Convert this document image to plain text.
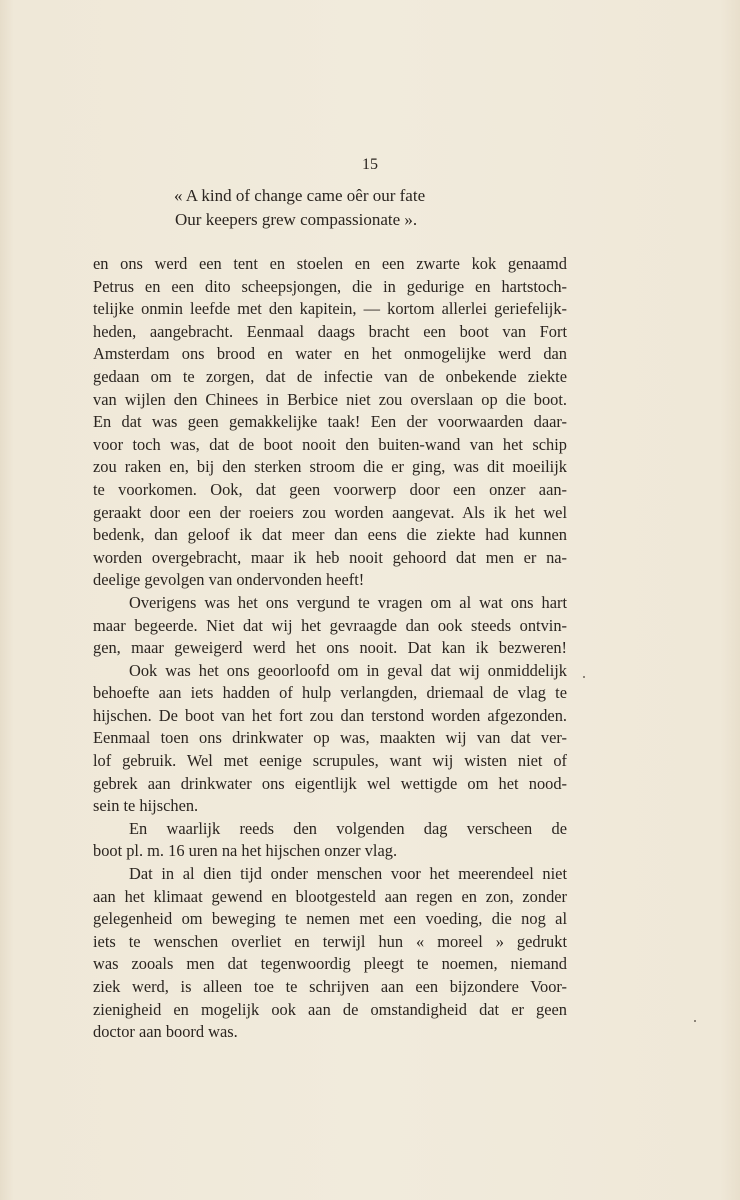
15
« A kind of change came oêr our fate
Our keepers grew compassionate ».
en ons werd een tent en stoelen en een zwarte kok genaamd
Petrus en een dito scheepsjongen, die in gedurige en hartstoch-
telijke onmin leefde met den kapitein, — kortom allerlei geriefelijk-
heden, aangebracht. Eenmaal daags bracht een boot van Fort
Amsterdam ons brood en water en het onmogelijke werd dan
gedaan om te zorgen, dat de infectie van de onbekende ziekte
van wijlen den Chinees in Berbice niet zou overslaan op die boot.
En dat was geen gemakkelijke taak! Een der voorwaarden daar-
voor toch was, dat de boot nooit den buiten-wand van het schip
zou raken en, bij den sterken stroom die er ging, was dit moeilijk
te voorkomen. Ook, dat geen voorwerp door een onzer aan-
geraakt door een der roeiers zou worden aangevat. Als ik het wel
bedenk, dan geloof ik dat meer dan eens die ziekte had kunnen
worden overgebracht, maar ik heb nooit gehoord dat men er na-
deelige gevolgen van ondervonden heeft!
Overigens was het ons vergund te vragen om al wat ons hart
maar begeerde. Niet dat wij het gevraagde dan ook steeds ontvin-
gen, maar geweigerd werd het ons nooit. Dat kan ik bezweren!
Ook was het ons geoorloofd om in geval dat wij onmiddelijk
behoefte aan iets hadden of hulp verlangden, driemaal de vlag te
hijschen. De boot van het fort zou dan terstond worden afgezonden.
Eenmaal toen ons drinkwater op was, maakten wij van dat ver-
lof gebruik. Wel met eenige scrupules, want wij wisten niet of
gebrek aan drinkwater ons eigentlijk wel wettigde om het nood-
sein te hijschen.
En waarlijk reeds den volgenden dag verscheen de
boot pl. m. 16 uren na het hijschen onzer vlag.
Dat in al dien tijd onder menschen voor het meerendeel niet
aan het klimaat gewend en blootgesteld aan regen en zon, zonder
gelegenheid om beweging te nemen met een voeding, die nog al
iets te wenschen overliet en terwijl hun « moreel » gedrukt
was zooals men dat tegenwoordig pleegt te noemen, niemand
ziek werd, is alleen toe te schrijven aan een bijzondere Voor-
zienigheid en mogelijk ook aan de omstandigheid dat er geen
doctor aan boord was.
